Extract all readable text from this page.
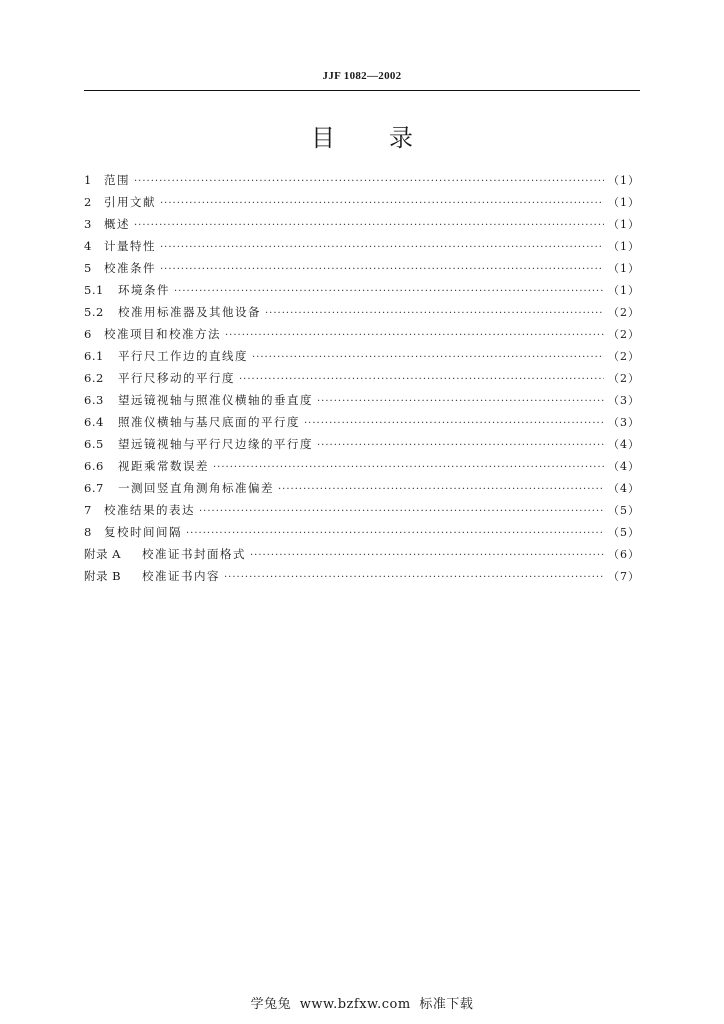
JJF 1082—2002
目录
1	范围 ·····	（1）
2	引用文献 ·····	（1）
3	概述 ·····	（1）
4	计量特性 ·····	（1）
5	校准条件 ·····	（1）
5.1	环境条件 ·····	（1）
5.2	校准用标准器及其他设备 ·····	（2）
6	校准项目和校准方法 ·····	（2）
6.1	平行尺工作边的直线度 ·····	（2）
6.2	平行尺移动的平行度 ·····	（2）
6.3	望远镜视轴与照准仪横轴的垂直度 ·····	（3）
6.4	照准仪横轴与基尺底面的平行度 ·····	（3）
6.5	望远镜视轴与平行尺边缘的平行度 ·····	（4）
6.6	视距乘常数误差 ·····	（4）
6.7	一测回竖直角测角标准偏差 ·····	（4）
7	校准结果的表达 ·····	（5）
8	复校时间间隔 ·····	（5）
附录 A	校准证书封面格式 ·····	（6）
附录 B	校准证书内容 ·····	（7）
学兔兔 www.bzfxw.com 标准下载
